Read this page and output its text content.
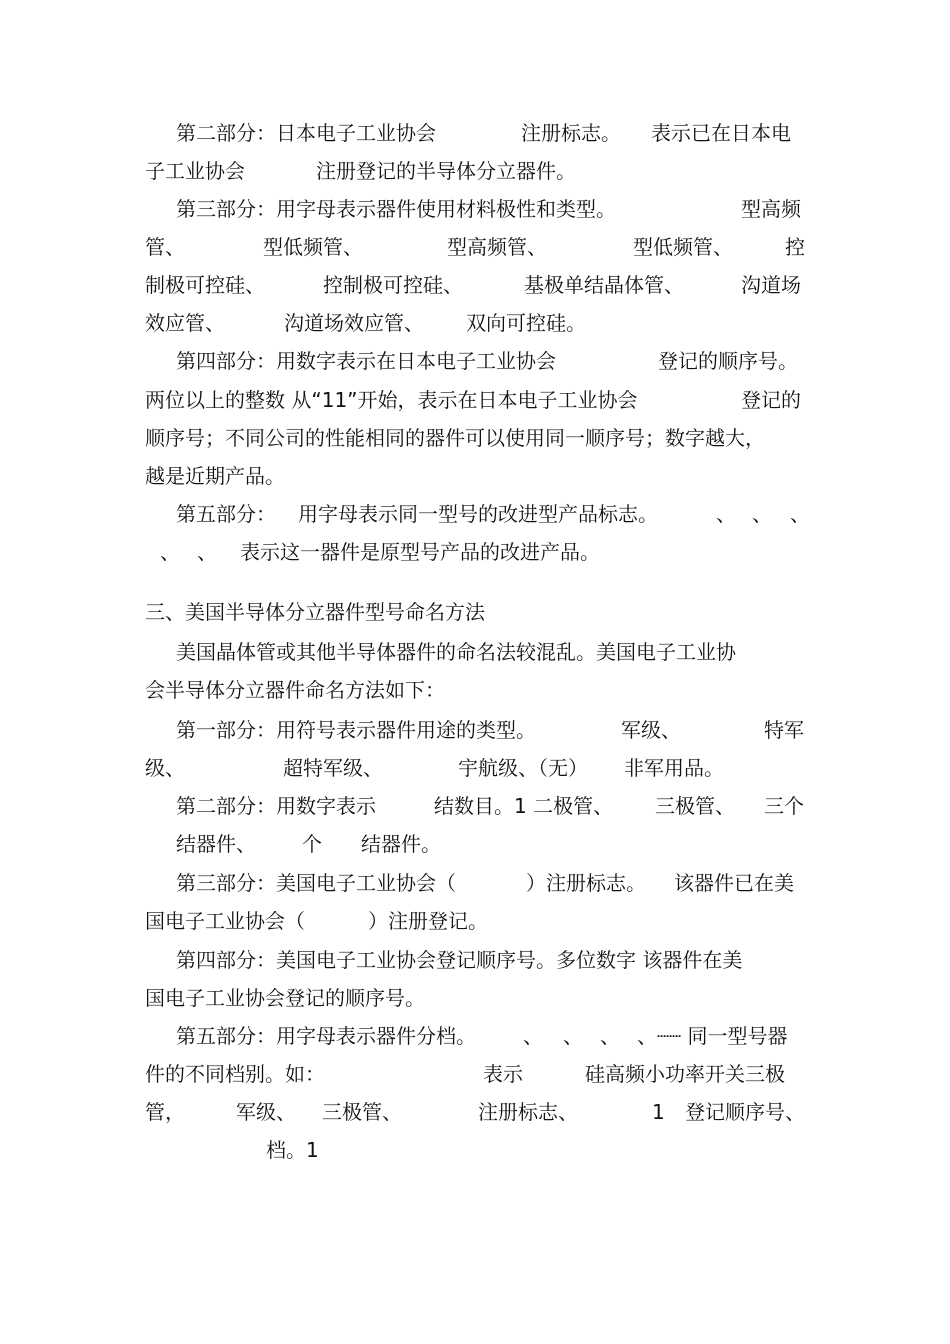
第二部分：日本电子工业协会	注册标志。 表示已在日本电
子工业协会	注册登记的半导体分立器件。
第三部分：用字母表示器件使用材料极性和类型。	型高频
管、	型低频管、	型高频管、	型低频管、	控
制极可控硅、	控制极可控硅、	基极单结晶体管、	沟道场
效应管、	沟道场效应管、 双向可控硅。
第四部分：用数字表示在日本电子工业协会	登记的顺序号。
两位以上的整数 从“11”开始，表示在日本电子工业协会	登记的
顺序号；不同公司的性能相同的器件可以使用同一顺序号；数字越大，
越是近期产品。
第五部分： 用字母表示同一型号的改进型产品标志。	、 、 、
、 、 表示这一器件是原型号产品的改进产品。
三、美国半导体分立器件型号命名方法
美国晶体管或其他半导体器件的命名法较混乱。美国电子工业协
会半导体分立器件命名方法如下：
第一部分：用符号表示器件用途的类型。	军级、	特军
级、	超特军级、	宇航级、（无） 非军用品。
第二部分：用数字表示	结数目。1 二极管、 三极管、 三个
结器件、 个 结器件。
第三部分：美国电子工业协会（	）注册标志。 该器件已在美
国电子工业协会（	）注册登记。
第四部分：美国电子工业协会登记顺序号。多位数字 该器件在美
国电子工业协会登记的顺序号。
第五部分：用字母表示器件分档。 、 、 、 、┈┈ 同一型号器
件的不同档别。如：	表示	硅高频小功率开关三极
管，	军级、 三极管、	注册标志、	1 登记顺序号、
档。1
